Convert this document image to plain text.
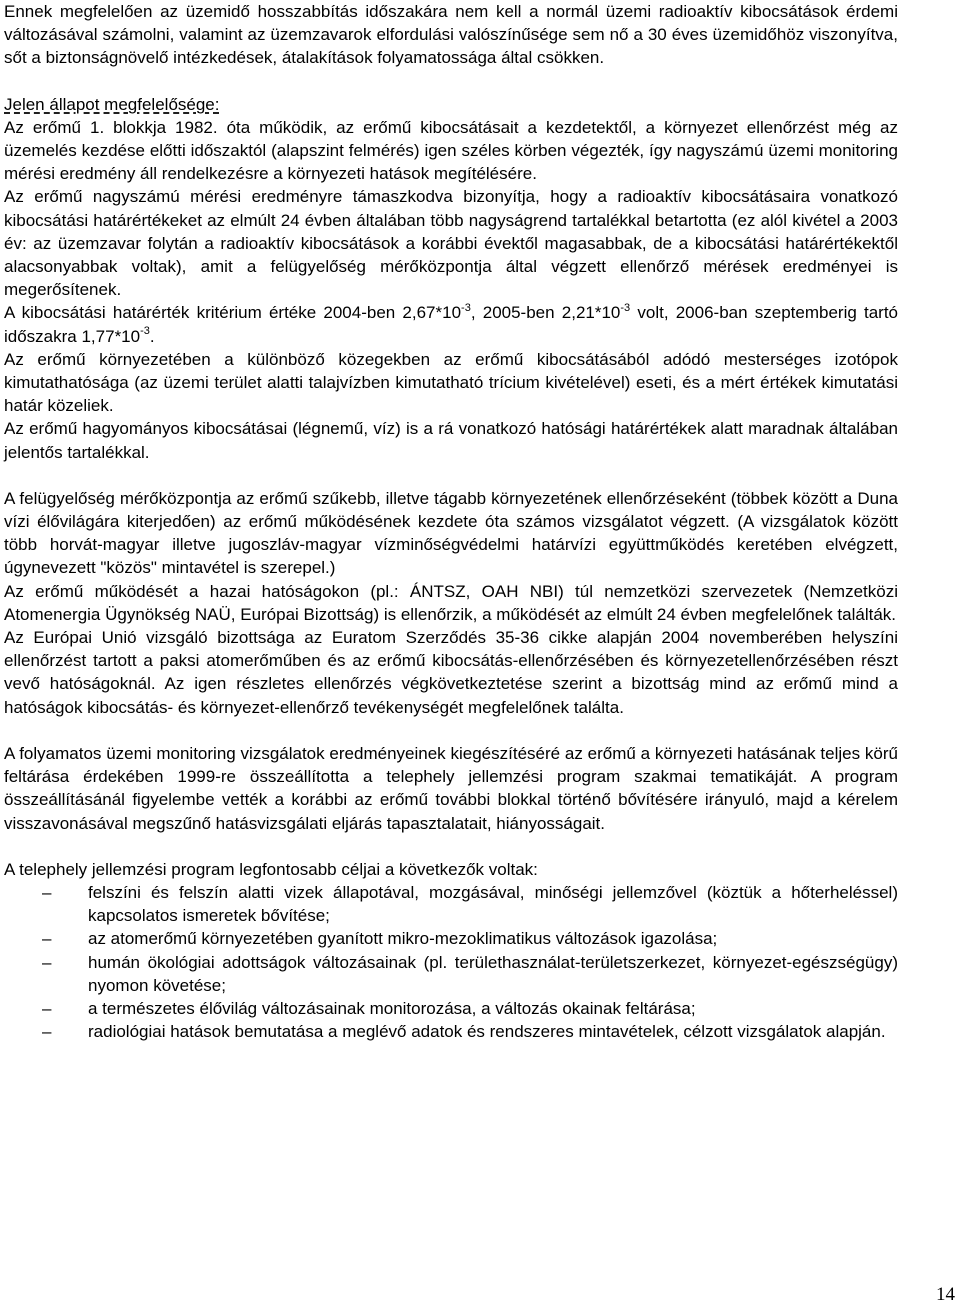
Ennek megfelelően az üzemidő hosszabbítás időszakára nem kell a normál üzemi radioaktív kibocsátások érdemi változásával számolni, valamint az üzemzavarok elfordulási valószínűsége sem nő a 30 éves üzemidőhöz viszonyítva, sőt a biztonságnövelő intézkedések, átalakítások folyamatossága által csökken.

Jelen állapot megfelelősége:

Az erőmű 1. blokkja 1982. óta működik, az erőmű kibocsátásait a kezdetektől, a környezet ellenőrzést még az üzemelés kezdése előtti időszaktól (alapszint felmérés) igen széles körben végezték, így nagyszámú üzemi monitoring mérési eredmény áll rendelkezésre a környezeti hatások megítélésére.

Az erőmű nagyszámú mérési eredményre támaszkodva bizonyítja, hogy a radioaktív kibocsátásaira vonatkozó kibocsátási határértékeket az elmúlt 24 évben általában több nagyságrend tartalékkal betartotta (ez alól kivétel a 2003 év: az üzemzavar folytán a radioaktív kibocsátások a korábbi évektől magasabbak, de a kibocsátási határértékektől alacsonyabbak voltak), amit a felügyelőség mérőközpontja által végzett ellenőrző mérések eredményei is megerősítenek.

A kibocsátási határérték kritérium értéke 2004-ben $2,67*10^{-3}$, 2005-ben $2,21*10^{-3}$ volt, 2006-ban szeptemberig tartó időszakra $1,77*10^{-3}$.

Az erőmű környezetében a különböző közegekben az erőmű kibocsátásából adódó mesterséges izotópok kimutathatósága (az üzemi terület alatti talajvízben kimutatható trícium kivételével) eseti, és a mért értékek kimutatási határ közeliek.

Az erőmű hagyományos kibocsátásai (légnemű, víz) is a rá vonatkozó hatósági határértékek alatt maradnak általában jelentős tartalékkal.

A felügyelőség mérőközpontja az erőmű szűkebb, illetve tágabb környezetének ellenőrzéseként (többek között a Duna vízi élővilágára kiterjedően) az erőmű működésének kezdete óta számos vizsgálatot végzett. (A vizsgálatok között több horvát-magyar illetve jugoszláv-magyar vízminőségvédelmi határvízi együttműködés keretében elvégzett, úgynevezett "közös" mintavétel is szerepel.)

Az erőmű működését a hazai hatóságokon (pl.: ÁNTSZ, OAH NBI) túl nemzetközi szervezetek (Nemzetközi Atomenergia Ügynökség NAÜ, Európai Bizottság) is ellenőrzik, a működését az elmúlt 24 évben megfelelőnek találták.

Az Európai Unió vizsgáló bizottsága az Euratom Szerződés 35-36 cikke alapján 2004 novemberében helyszíni ellenőrzést tartott a paksi atomerőműben és az erőmű kibocsátás-ellenőrzésében és környezetellenőrzésében részt vevő hatóságoknál. Az igen részletes ellenőrzés végkövetkeztetése szerint a bizottság mind az erőmű mind a hatóságok kibocsátás- és környezet-ellenőrző tevékenységét megfelelőnek találta.

A folyamatos üzemi monitoring vizsgálatok eredményeinek kiegészítéséré az erőmű a környezeti hatásának teljes körű feltárása érdekében 1999-re összeállította a telephely jellemzési program szakmai tematikáját. A program összeállításánál figyelembe vették a korábbi az erőmű további blokkal történő bővítésére irányuló, majd a kérelem visszavonásával megszűnő hatásvizsgálati eljárás tapasztalatait, hiányosságait.

A telephely jellemzési program legfontosabb céljai a következők voltak:

– felszíni és felszín alatti vizek állapotával, mozgásával, minőségi jellemzővel (köztük a hőterheléssel) kapcsolatos ismeretek bővítése;
– az atomerőmű környezetében gyanított mikro-mezoklimatikus változások igazolása;
– humán ökológiai adottságok változásainak (pl. területhasználat-területszerkezet, környezet-egészségügy) nyomon követése;
– a természetes élővilág változásainak monitorozása, a változás okainak feltárása;
– radiológiai hatások bemutatása a meglévő adatok és rendszeres mintavételek, célzott vizsgálatok alapján.
14
